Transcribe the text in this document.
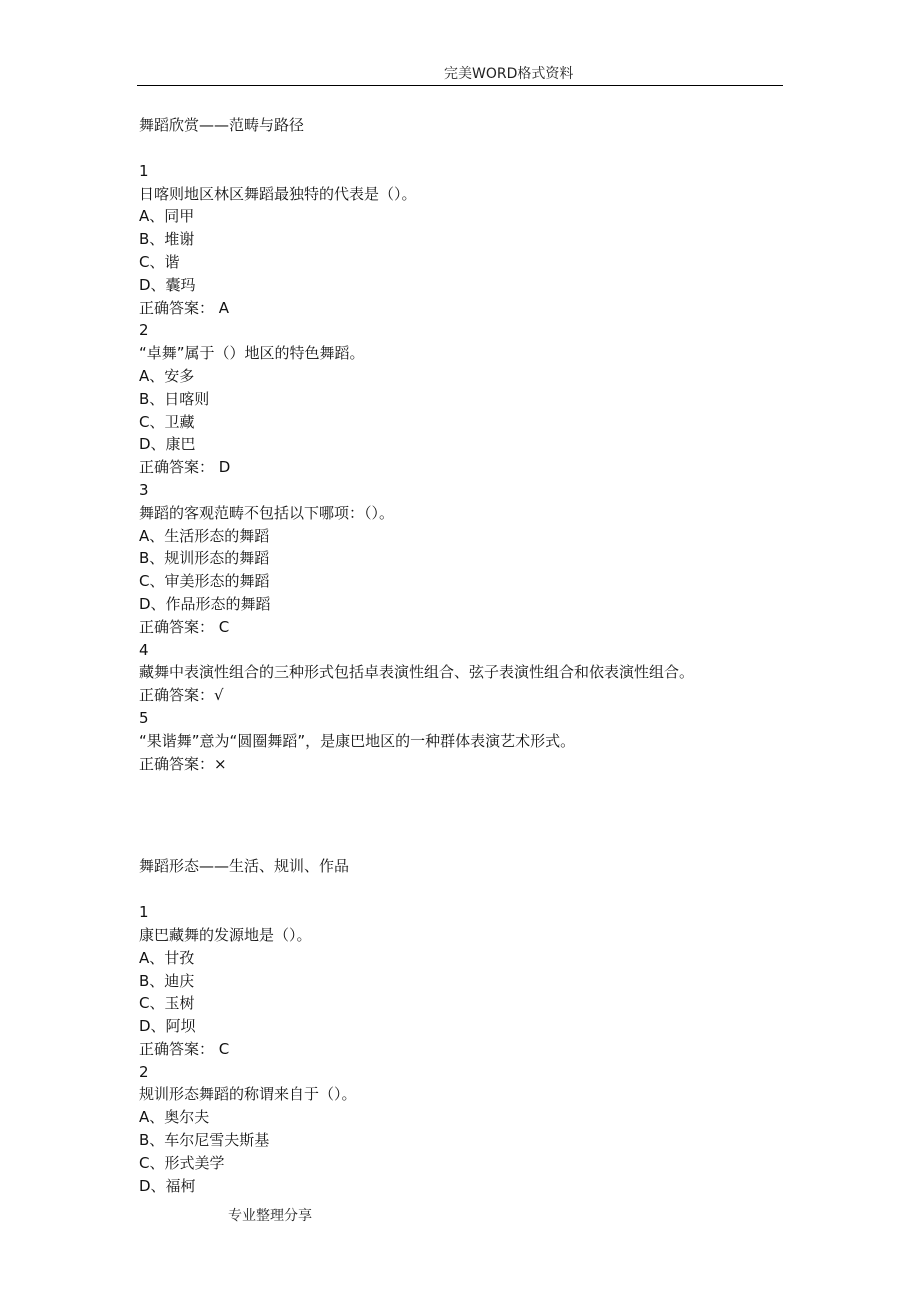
完美WORD格式资料
舞蹈欣赏——范畴与路径
1
日喀则地区林区舞蹈最独特的代表是（）。
A、同甲
B、堆谢
C、谐
D、囊玛
正确答案： A
2
“卓舞”属于（）地区的特色舞蹈。
A、安多
B、日喀则
C、卫藏
D、康巴
正确答案： D
3
舞蹈的客观范畴不包括以下哪项：（）。
A、生活形态的舞蹈
B、规训形态的舞蹈
C、审美形态的舞蹈
D、作品形态的舞蹈
正确答案： C
4
藏舞中表演性组合的三种形式包括卓表演性组合、弦子表演性组合和依表演性组合。
正确答案：√
5
“果谐舞”意为“圆圈舞蹈”，是康巴地区的一种群体表演艺术形式。
正确答案：×
舞蹈形态——生活、规训、作品
1
康巴藏舞的发源地是（）。
A、甘孜
B、迪庆
C、玉树
D、阿坝
正确答案： C
2
规训形态舞蹈的称谓来自于（）。
A、奥尔夫
B、车尔尼雪夫斯基
C、形式美学
D、福柯
专业整理分享
